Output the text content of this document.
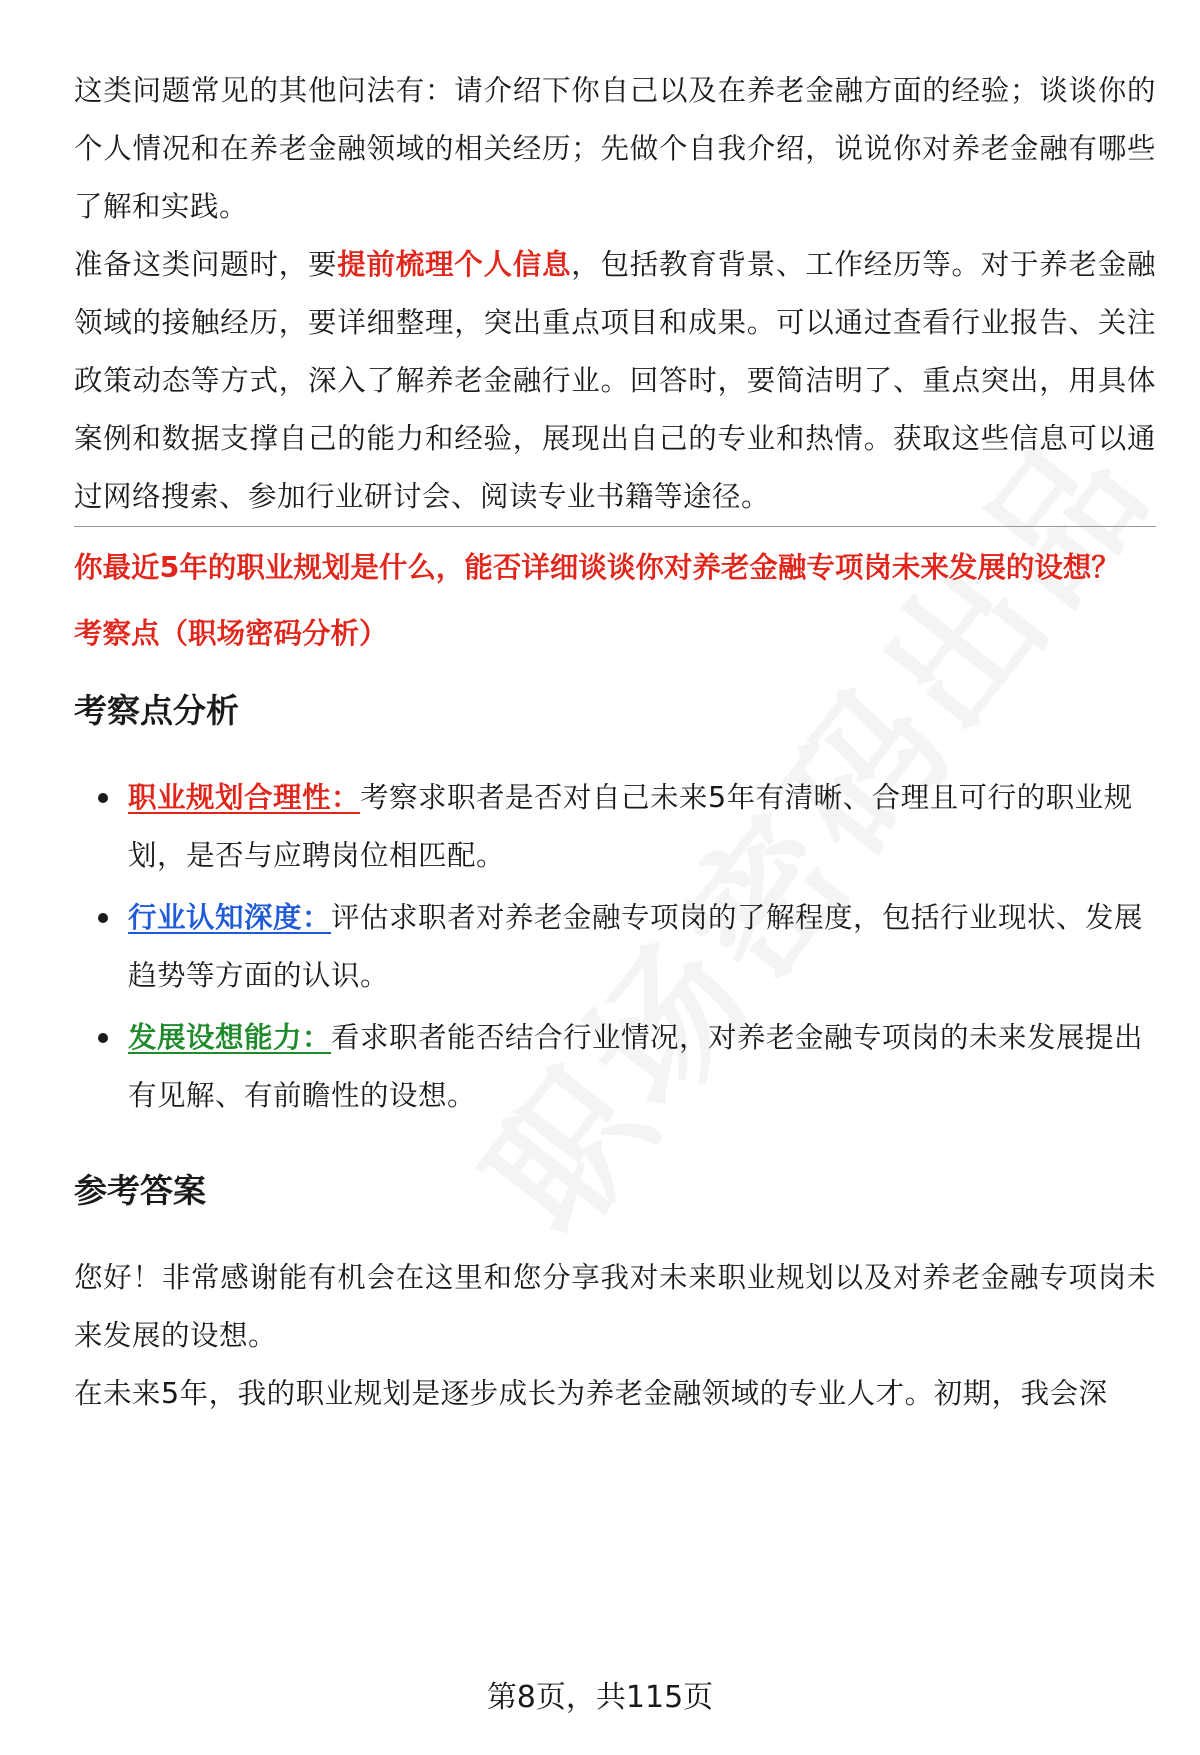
这类问题常见的其他问法有：请介绍下你自己以及在养老金融方面的经验；谈谈你的个人情况和在养老金融领域的相关经历；先做个自我介绍，说说你对养老金融有哪些了解和实践。

准备这类问题时，要提前梳理个人信息，包括教育背景、工作经历等。对于养老金融领域的接触经历，要详细整理，突出重点项目和成果。可以通过查看行业报告、关注政策动态等方式，深入了解养老金融行业。回答时，要简洁明了、重点突出，用具体案例和数据支撑自己的能力和经验，展现出自己的专业和热情。获取这些信息可以通过网络搜索、参加行业研讨会、阅读专业书籍等途径。

你最近5年的职业规划是什么，能否详细谈谈你对养老金融专项岗未来发展的设想？
考察点（职场密码分析）
考察点分析
职业规划合理性：考察求职者是否对自己未来5年有清晰、合理且可行的职业规划，是否与应聘岗位相匹配。
行业认知深度：评估求职者对养老金融专项岗的了解程度，包括行业现状、发展趋势等方面的认识。
发展设想能力：看求职者能否结合行业情况，对养老金融专项岗的未来发展提出有见解、有前瞻性的设想。
参考答案

您好！非常感谢能有机会在这里和您分享我对未来职业规划以及对养老金融专项岗未来发展的设想。

在未来5年，我的职业规划是逐步成长为养老金融领域的专业人才。初期，我会深

第8页，共115页
